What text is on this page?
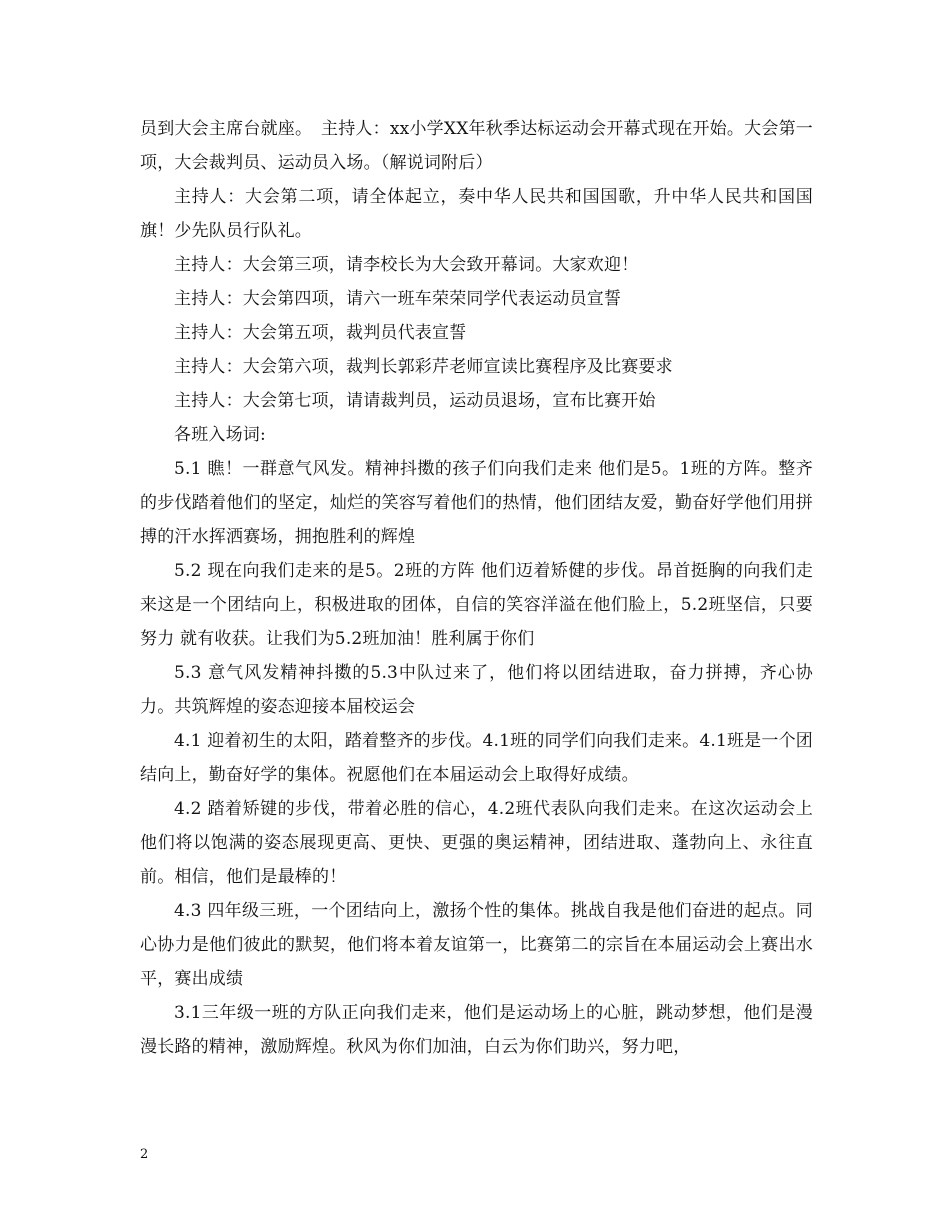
员到大会主席台就座。　主持人：xx小学XX年秋季达标运动会开幕式现在开始。大会第一项，大会裁判员、运动员入场。（解说词附后）

主持人：大会第二项，请全体起立，奏中华人民共和国国歌，升中华人民共和国国旗！少先队员行队礼。

主持人：大会第三项，请李校长为大会致开幕词。大家欢迎！

主持人：大会第四项，请六一班车荣荣同学代表运动员宣誓

主持人：大会第五项，裁判员代表宣誓

主持人：大会第六项，裁判长郭彩芹老师宣读比赛程序及比赛要求

主持人：大会第七项，请请裁判员，运动员退场，宣布比赛开始

各班入场词:

5.1 瞧！一群意气风发。精神抖擞的孩子们向我们走来 他们是5。1班的方阵。整齐的步伐踏着他们的坚定，灿烂的笑容写着他们的热情，他们团结友爱，勤奋好学他们用拼搏的汗水挥洒赛场，拥抱胜利的辉煌

5.2 现在向我们走来的是5。2班的方阵 他们迈着矫健的步伐。昂首挺胸的向我们走来这是一个团结向上，积极进取的团体，自信的笑容洋溢在他们脸上，5.2班坚信，只要努力 就有收获。让我们为5.2班加油！胜利属于你们

5.3 意气风发精神抖擞的5.3中队过来了，他们将以团结进取，奋力拼搏，齐心协力。共筑辉煌的姿态迎接本届校运会

4.1 迎着初生的太阳，踏着整齐的步伐。4.1班的同学们向我们走来。4.1班是一个团结向上，勤奋好学的集体。祝愿他们在本届运动会上取得好成绩。

4.2 踏着矫键的步伐，带着必胜的信心，4.2班代表队向我们走来。在这次运动会上他们将以饱满的姿态展现更高、更快、更强的奥运精神，团结进取、蓬勃向上、永往直前。相信，他们是最棒的！

4.3 四年级三班，一个团结向上，激扬个性的集体。挑战自我是他们奋进的起点。同心协力是他们彼此的默契，他们将本着友谊第一，比赛第二的宗旨在本届运动会上赛出水平，赛出成绩

3.1三年级一班的方队正向我们走来，他们是运动场上的心脏，跳动梦想，他们是漫漫长路的精神，激励辉煌。秋风为你们加油，白云为你们助兴，努力吧，

2
